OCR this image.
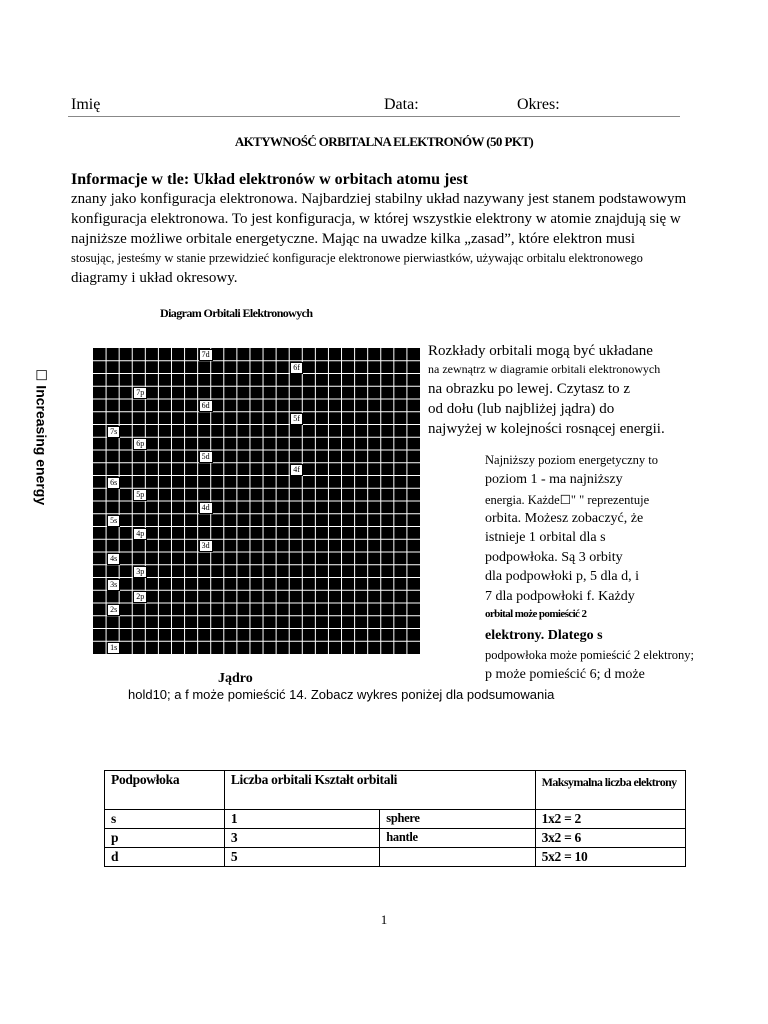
Imię	Data:	Okres:
AKTYWNOŚĆ ORBITALNA ELEKTRONÓW (50 PKT)
Informacje w tle: Układ elektronów w orbitach atomu jest
znany jako konfiguracja elektronowa. Najbardziej stabilny układ nazywany jest stanem podstawowym
konfiguracja elektronowa. To jest konfiguracja, w której wszystkie elektrony w atomie znajdują się w
najniższe możliwe orbitale energetyczne. Mając na uwadze kilka „zasad”, które elektron musi
stosując, jesteśmy w stanie przewidzieć konfiguracje elektronowe pierwiastków, używając orbitalu elektronowego
diagramy i układ okresowy.
Diagram Orbitali Elektronowych
☐ Increasing energy
1s
2s
2p
3s
3p
4s
3d
4p
5s
4d
5p
6s
4f
5d
6p
7s
5f
6d
7p
6f
7d
Jądro
Rozkłady orbitali mogą być układane
na zewnątrz w diagramie orbitali elektronowych
na obrazku po lewej. Czytasz to z
od dołu (lub najbliżej jądra) do
najwyżej w kolejności rosnącej energii.
Najniższy poziom energetyczny to
poziom 1 - ma najniższy
energia. Każde☐" " reprezentuje
orbita. Możesz zobaczyć, że
istnieje 1 orbital dla s
podpowłoka. Są 3 orbity
dla podpowłoki p, 5 dla d, i
7 dla podpowłoki f. Każdy
orbital może pomieścić 2
elektrony. Dlatego s
podpowłoka może pomieścić 2 elektrony;
p może pomieścić 6; d może
hold10; a f może pomieścić 14. Zobacz wykres poniżej dla podsumowania
Podpowłoka	Liczba orbitali Kształt orbitali		Maksymalna liczba elektrony
s	1	sphere	1x2 = 2
p	3	hantle	3x2 = 6
d	5		5x2 = 10
1
